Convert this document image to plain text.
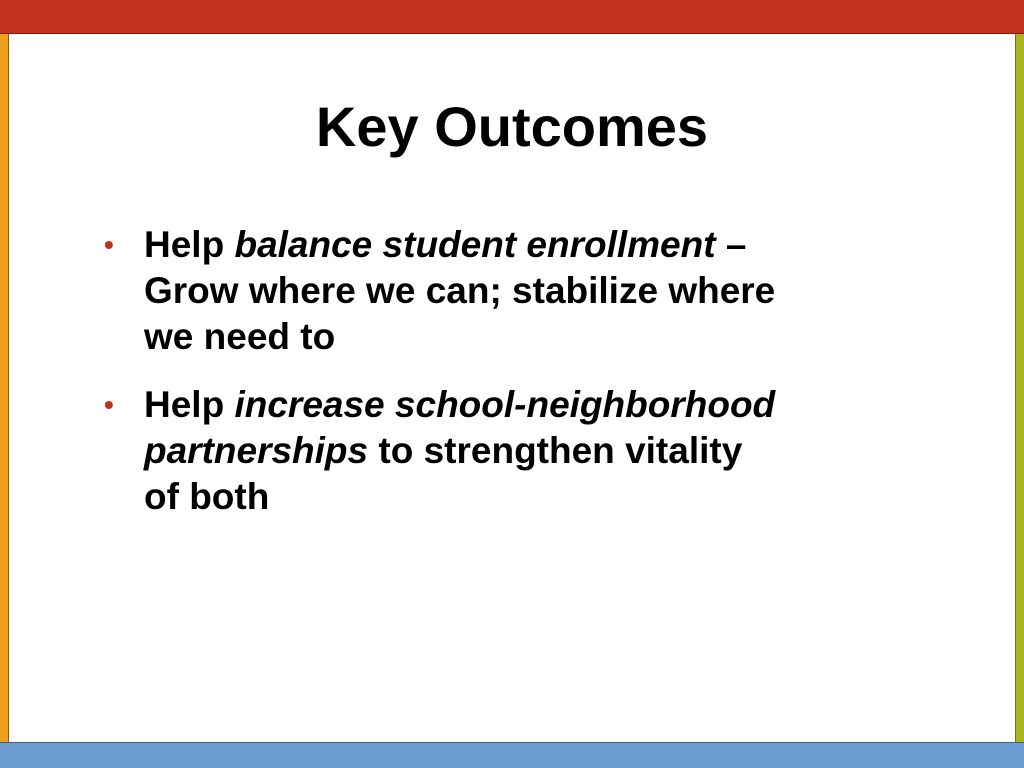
Key Outcomes
• Help balance student enrollment –
Grow where we can; stabilize where
we need to
• Help increase school-neighborhood
partnerships to strengthen vitality
of both
